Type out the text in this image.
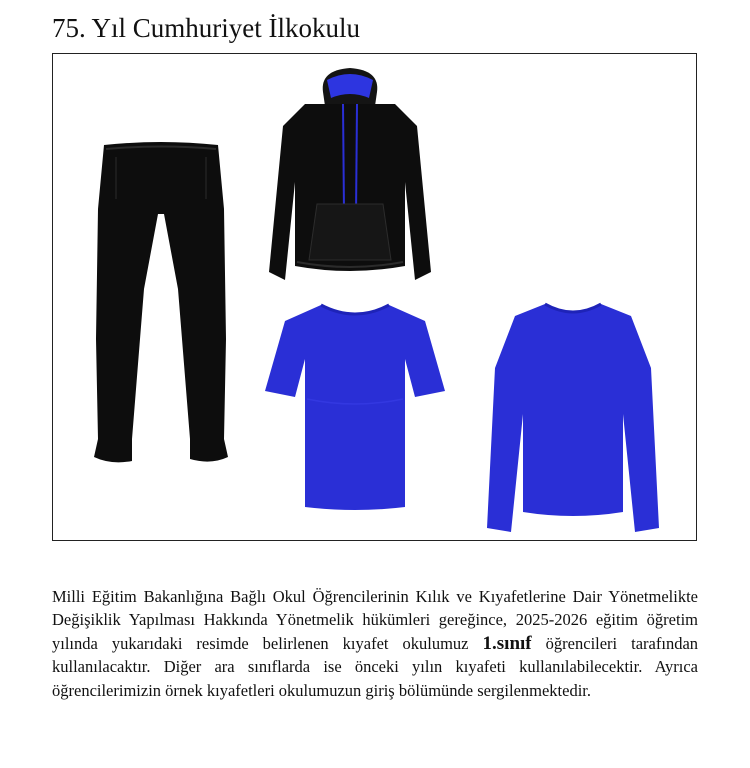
75. Yıl Cumhuriyet İlkokulu

Milli Eğitim Bakanlığına Bağlı Okul Öğrencilerinin Kılık ve Kıyafetlerine Dair Yönetmelikte Değişiklik Yapılması Hakkında Yönetmelik hükümleri gereğince, 2025-2026 eğitim öğretim yılında yukarıdaki resimde belirlenen kıyafet okulumuz 1.sınıf öğrencileri tarafından kullanılacaktır. Diğer ara sınıflarda ise önceki yılın kıyafeti kullanılabilecektir. Ayrıca öğrencilerimizin örnek kıyafetleri okulumuzun giriş bölümünde sergilenmektedir.
